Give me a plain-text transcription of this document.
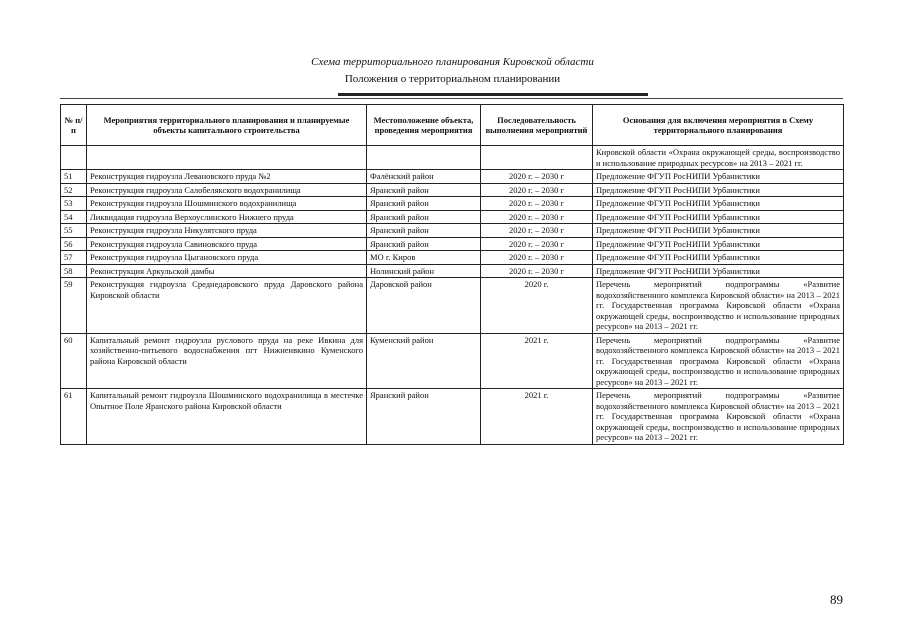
Схема территориального планирования Кировской области
Положения о территориальном планировании
№ п/п	Мероприятия территориального планирования и планируемые объекты капитального строительства	Местоположение объекта, проведения мероприятия	Последовательность выполнения мероприятий	Основания для включения мероприятия в Схему территориального планирования
				Кировской области «Охрана окружающей среды, воспроизводство и использование природных ресурсов» на 2013 – 2021 гг.
51	Реконструкция гидроузла Левановского пруда №2	Фалёнский район	2020 г. – 2030 г	Предложение ФГУП РосНИПИ Урбанистики
52	Реконструкция гидроузла Салобелякского водохранилища	Яранский район	2020 г. – 2030 г	Предложение ФГУП РосНИПИ Урбанистики
53	Реконструкция гидроузла Шошминского водохранилища	Яранский район	2020 г. – 2030 г	Предложение ФГУП РосНИПИ Урбанистики
54	Ликвидация гидроузла Верхоуслинского Нижнего пруда	Яранский район	2020 г. – 2030 г	Предложение ФГУП РосНИПИ Урбанистики
55	Реконструкция гидроузла Никулятского пруда	Яранский район	2020 г. – 2030 г	Предложение ФГУП РосНИПИ Урбанистики
56	Реконструкция гидроузла Савиновского пруда	Яранский район	2020 г. – 2030 г	Предложение ФГУП РосНИПИ Урбанистики
57	Реконструкция гидроузла Цыгановского пруда	МО г. Киров	2020 г. – 2030 г	Предложение ФГУП РосНИПИ Урбанистики
58	Реконструкция Аркульской дамбы	Нолинский район	2020 г. – 2030 г	Предложение ФГУП РосНИПИ Урбанистики
59	Реконструкция гидроузла Среднедаровского пруда Даровского района Кировской области	Даровской район	2020 г.	Перечень мероприятий подпрограммы «Развитие водохозяйственного комплекса Кировской области» на 2013 – 2021 гг. Государственная программа Кировской области «Охрана окружающей среды, воспроизводство и использование природных ресурсов» на 2013 – 2021 гг.
60	Капитальный ремонт гидроузла руслового пруда на реке Ивкина для хозяйственно-питьевого водоснабжения пгт Нижнеивкино Куменского района Кировской области	Куменский район	2021 г.	Перечень мероприятий подпрограммы «Развитие водохозяйственного комплекса Кировской области» на 2013 – 2021 гг. Государственная программа Кировской области «Охрана окружающей среды, воспроизводство и использование природных ресурсов» на 2013 – 2021 гг.
61	Капитальный ремонт гидроузла Шошминского водохранилища в местечке Опытное Поле Яранского района Кировской области	Яранский район	2021 г.	Перечень мероприятий подпрограммы «Развитие водохозяйственного комплекса Кировской области» на 2013 – 2021 гг. Государственная программа Кировской области «Охрана окружающей среды, воспроизводство и использование природных ресурсов» на 2013 – 2021 гг.
89
